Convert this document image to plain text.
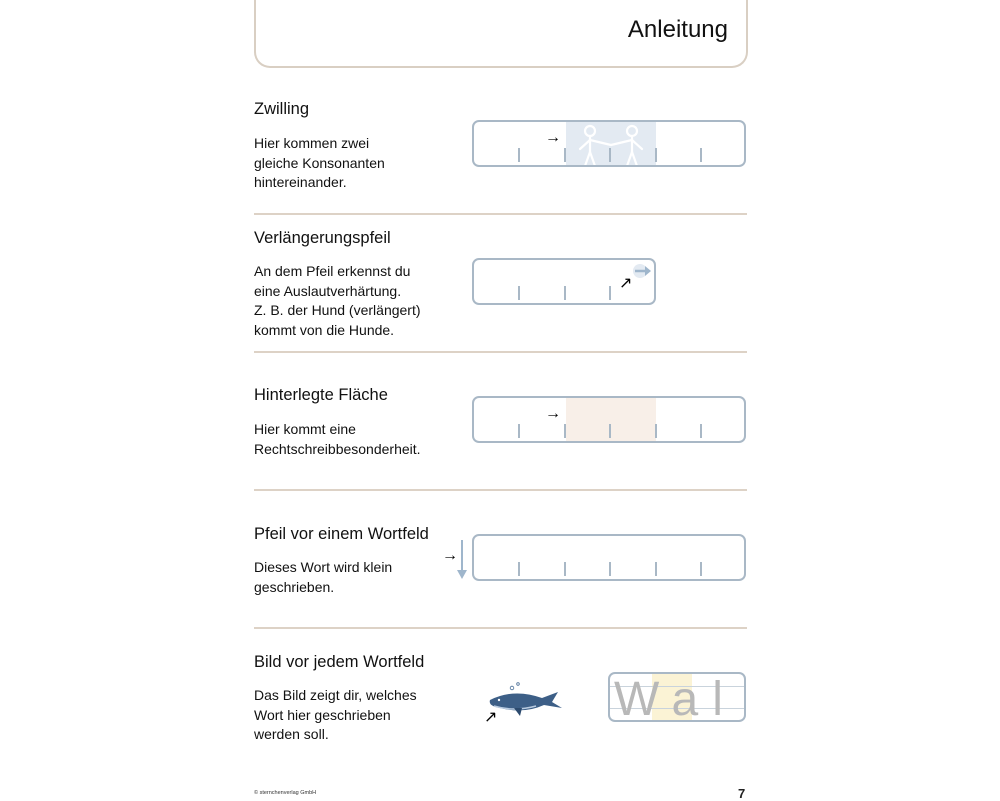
Anleitung
Zwilling
Hier kommen zwei
gleiche Konsonanten
hintereinander.
→
Verlängerungspfeil
An dem Pfeil erkennst du
eine Auslautverhärtung.
Z. B. der Hund (verlängert)
kommt von die Hunde.
↗
Hinterlegte Fläche
Hier kommt eine
Rechtschreibbesonderheit.
→
Pfeil vor einem Wortfeld
Dieses Wort wird klein
geschrieben.
→
Bild vor jedem Wortfeld
Das Bild zeigt dir, welches
Wort hier geschrieben
werden soll.
↗ Wal
© sternchenverlag GmbH	7
